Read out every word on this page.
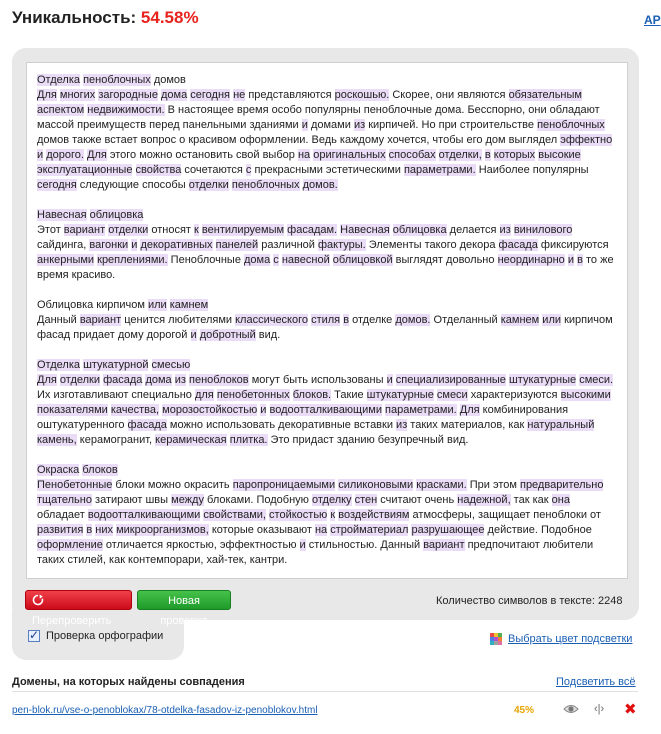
Уникальность: 54.58%	AP

Отделка пеноблочных домов
Для многих загородные дома сегодня не представляются роскошью. Скорее, они являются обязательным аспектом недвижимости. В настоящее время особо популярны пеноблочные дома. Бесспорно, они обладают массой преимуществ перед панельными зданиями и домами из кирпичей. Но при строительстве пеноблочных домов также встает вопрос о красивом оформлении. Ведь каждому хочется, чтобы его дом выглядел эффектно и дорого. Для этого можно остановить свой выбор на оригинальных способах отделки, в которых высокие эксплуатационные свойства сочетаются с прекрасными эстетическими параметрами. Наиболее популярны сегодня следующие способы отделки пеноблочных домов.

Навесная облицовка
Этот вариант отделки относят к вентилируемым фасадам. Навесная облицовка делается из винилового сайдинга, вагонки и декоративных панелей различной фактуры. Элементы такого декора фасада фиксируются анкерными креплениями. Пеноблочные дома с навесной облицовкой выглядят довольно неординарно и в то же время красиво.

Облицовка кирпичом или камнем
Данный вариант ценится любителями классического стиля в отделке домов. Отделанный камнем или кирпичом фасад придает дому дорогой и добротный вид.

Отделка штукатурной смесью
Для отделки фасада дома из пеноблоков могут быть использованы и специализированные штукатурные смеси. Их изготавливают специально для пенобетонных блоков. Такие штукатурные смеси характеризуются высокими показателями качества, морозостойкостью и водоотталкивающими параметрами. Для комбинирования оштукатуренного фасада можно использовать декоративные вставки из таких материалов, как натуральный камень, керамогранит, керамическая плитка. Это придаст зданию безупречный вид.

Окраска блоков
Пенобетонные блоки можно окрасить паропроницаемыми силиконовыми красками. При этом предварительно тщательно затирают швы между блоками. Подобную отделку стен считают очень надежной, так как она обладает водоотталкивающими свойствами, стойкостью к воздействиям атмосферы, защищает пеноблоки от развития в них микроорганизмов, которые оказывают на стройматериал разрушающее действие. Подобное оформление отличается яркостью, эффектностью и стильностью. Данный вариант предпочитают любители таких стилей, как контемпорари, хай-тек, кантри.

Перепроверить
Новая проверка
Количество символов в тексте: 2248
✓
Проверка орфографии	Выбрать цвет подсветки
Домены, на которых найдены совпадения	Подсветить всё
pen-blok.ru/vse-o-penoblokax/78-otdelka-fasadov-iz-penoblokov.html	45%	‹|› ✖
